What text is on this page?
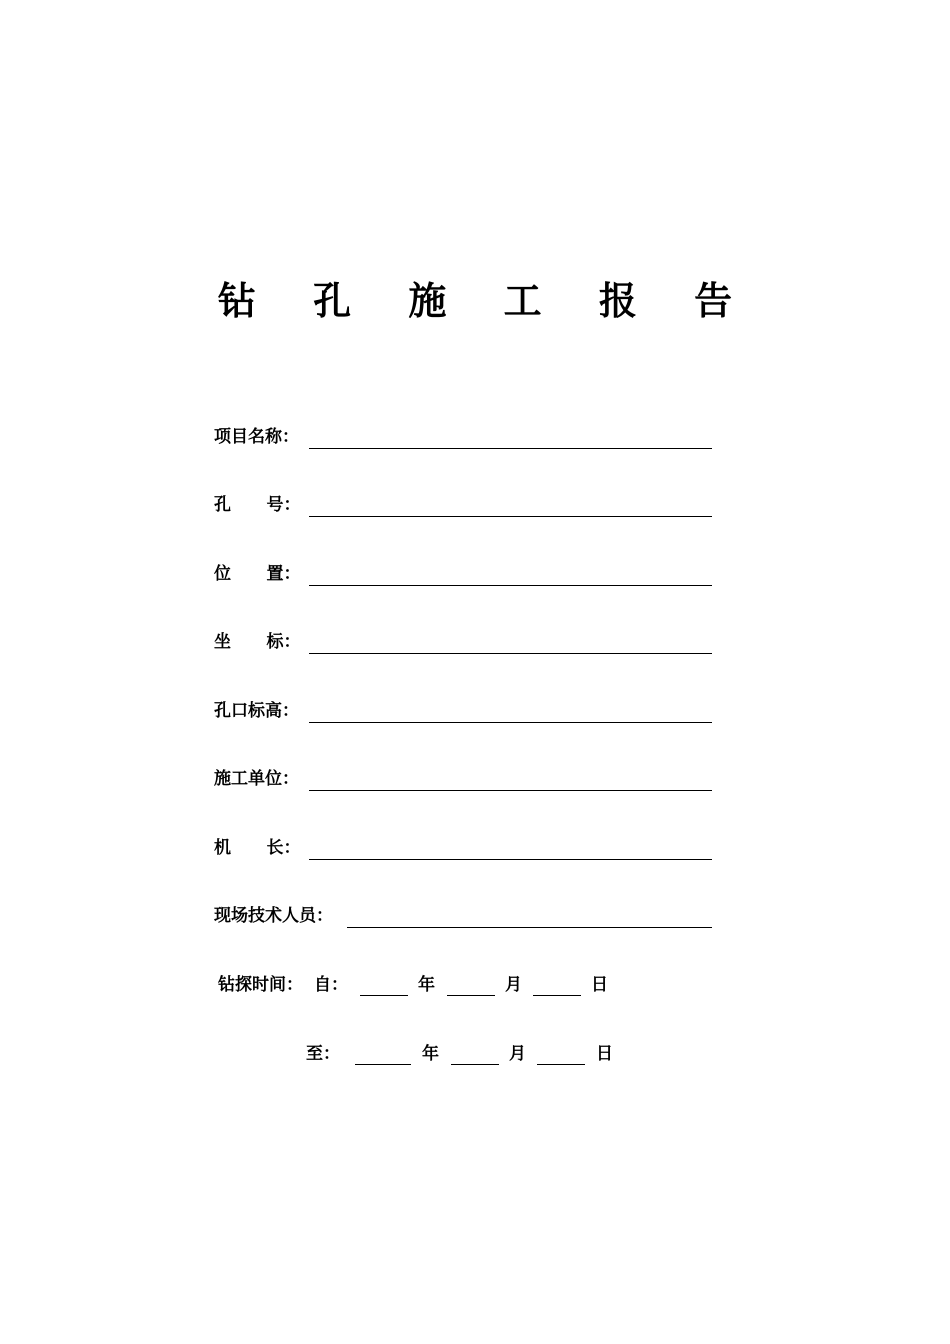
钻 孔 施 工 报 告
项目名称：
孔      号：
位      置：
坐      标：
孔口标高：
施工单位：
机      长：
现场技术人员：
钻探时间： 自：	年	月	日
至：	年	月	日
